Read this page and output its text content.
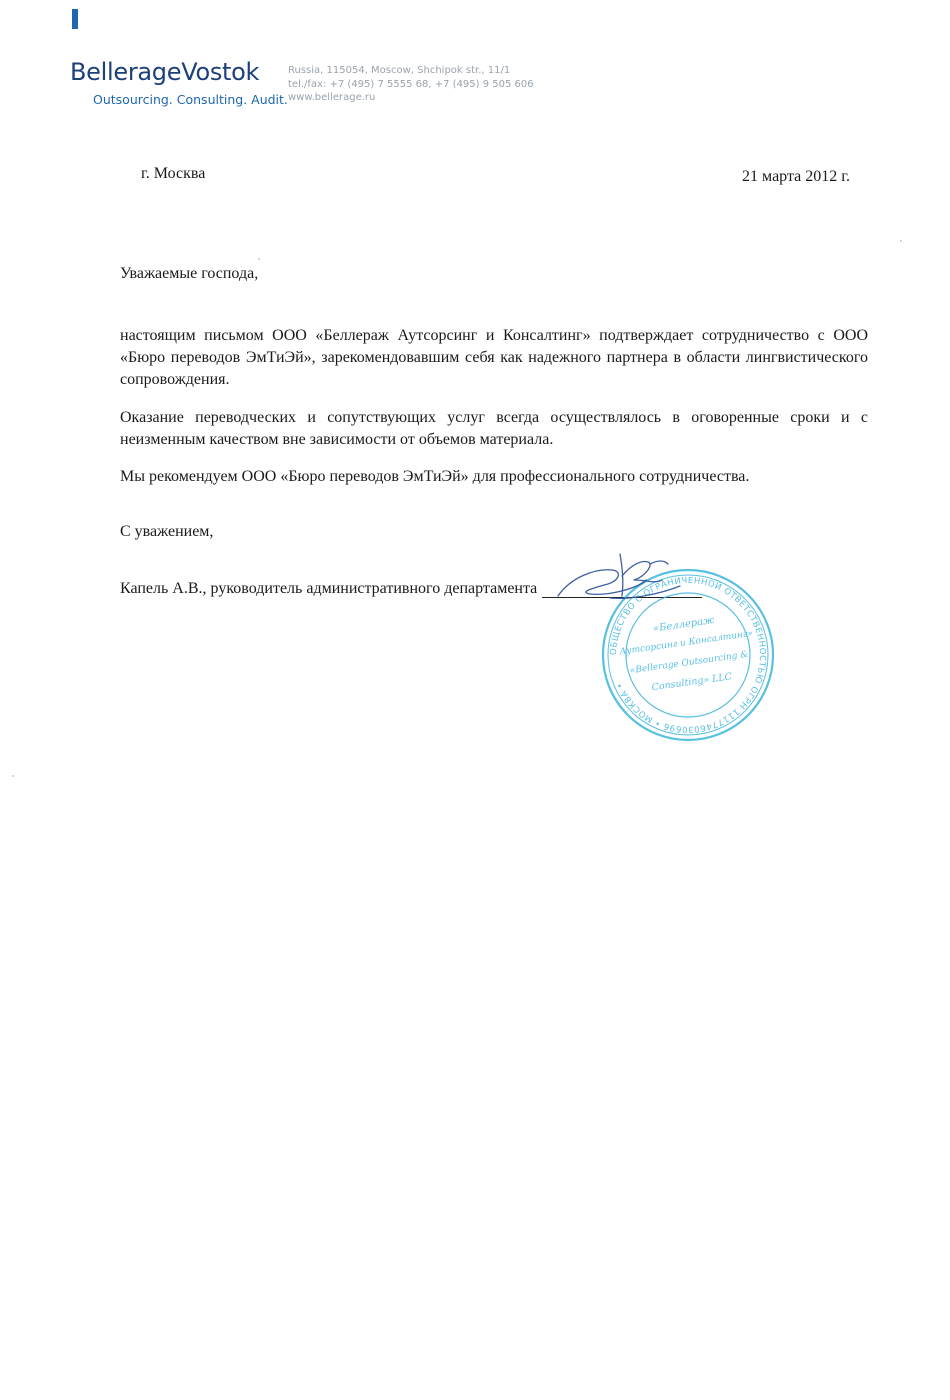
BellerageVostok
Outsourcing. Consulting. Audit.
Russia, 115054, Moscow, Shchipok str., 11/1
tel./fax: +7 (495) 7 5555 68, +7 (495) 9 505 606
www.bellerage.ru
г. Москва	21 марта 2012 г.
Уважаемые господа,

настоящим письмом ООО «Беллераж Аутсорсинг и Консалтинг» подтверждает сотрудничество с ООО «Бюро переводов ЭмТиЭй», зарекомендовавшим себя как надежного партнера в области лингвистического сопровождения.

Оказание переводческих и сопутствующих услуг всегда осуществлялось в оговоренные сроки и с неизменным качеством вне зависимости от объемов материала.

Мы рекомендуем ООО «Бюро переводов ЭмТиЭй» для профессионального сотрудничества.

С уважением,
Капель А.В., руководитель административного департамента
ОБЩЕСТВО С ОГРАНИЧЕННОЙ ОТВЕТСТВЕННОСТЬЮ ОГРН 1117746030696 • МОСКВА •
«Беллераж
Аутсорсинг и Консалтинг»
«Bellerage Outsourcing &
Consulting» LLC
